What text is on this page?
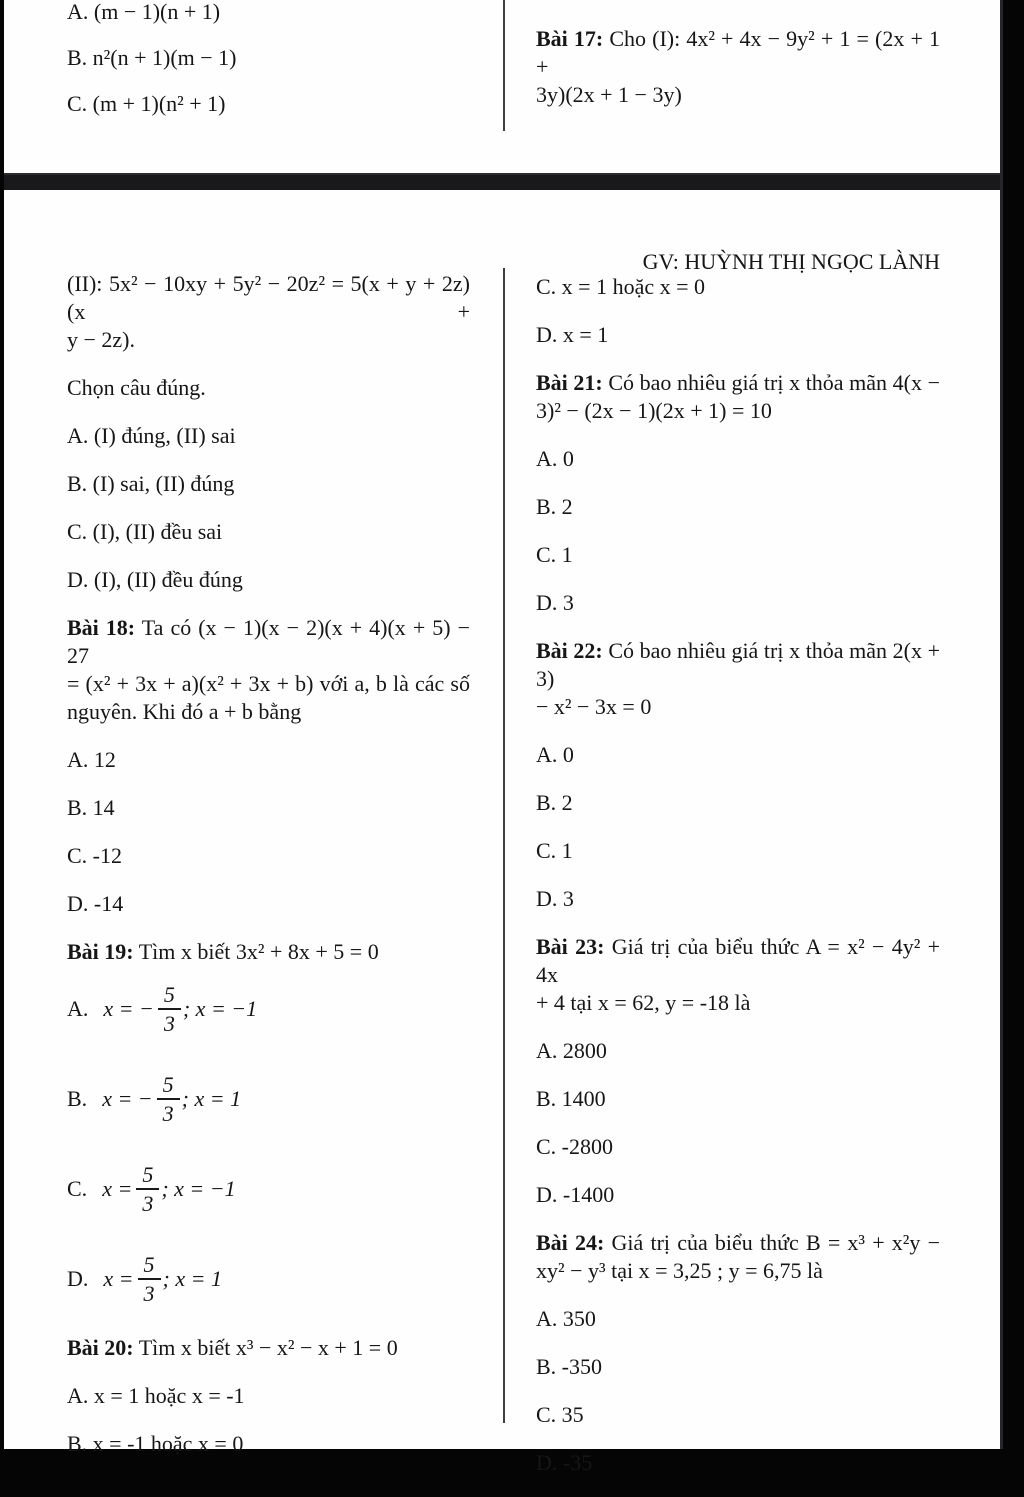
A. (m − 1)(n + 1)
B. n²(n + 1)(m − 1)
C. (m + 1)(n² + 1)
Bài 17: Cho (I): 4x² + 4x − 9y² + 1 = (2x + 1 +
3y)(2x + 1 − 3y)
GV: HUỲNH THỊ NGỌC LÀNH
(II): 5x² − 10xy + 5y² − 20z² = 5(x + y + 2z)(x +
y − 2z).
Chọn câu đúng.
A. (I) đúng, (II) sai
B. (I) sai, (II) đúng
C. (I), (II) đều sai
D. (I), (II) đều đúng
Bài 18: Ta có (x − 1)(x − 2)(x + 4)(x + 5) − 27
= (x² + 3x + a)(x² + 3x + b) với a, b là các số
nguyên. Khi đó a + b bằng
A. 12
B. 14
C. -12
D. -14
Bài 19: Tìm x biết 3x² + 8x + 5 = 0
A. x = − $\frac{5}{3}$ ; x = −1
B. x = − $\frac{5}{3}$ ; x = 1
C. $x = \frac{5}{3}$ ; x = −1
D. $x = \frac{5}{3}$ ; x = 1
Bài 20: Tìm x biết x³ − x² − x + 1 = 0
A. x = 1 hoặc x = -1
B. x = -1 hoặc x = 0
C. x = 1 hoặc x = 0
D. x = 1
Bài 21: Có bao nhiêu giá trị x thỏa mãn 4(x −
3)² − (2x − 1)(2x + 1) = 10
A. 0
B. 2
C. 1
D. 3
Bài 22: Có bao nhiêu giá trị x thỏa mãn 2(x + 3)
− x² − 3x = 0
A. 0
B. 2
C. 1
D. 3
Bài 23: Giá trị của biểu thức A = x² − 4y² + 4x
+ 4 tại x = 62, y = -18 là
A. 2800
B. 1400
C. -2800
D. -1400
Bài 24: Giá trị của biểu thức B = x³ + x²y −
xy² − y³ tại x = 3,25 ; y = 6,75 là
A. 350
B. -350
C. 35
D. -35
